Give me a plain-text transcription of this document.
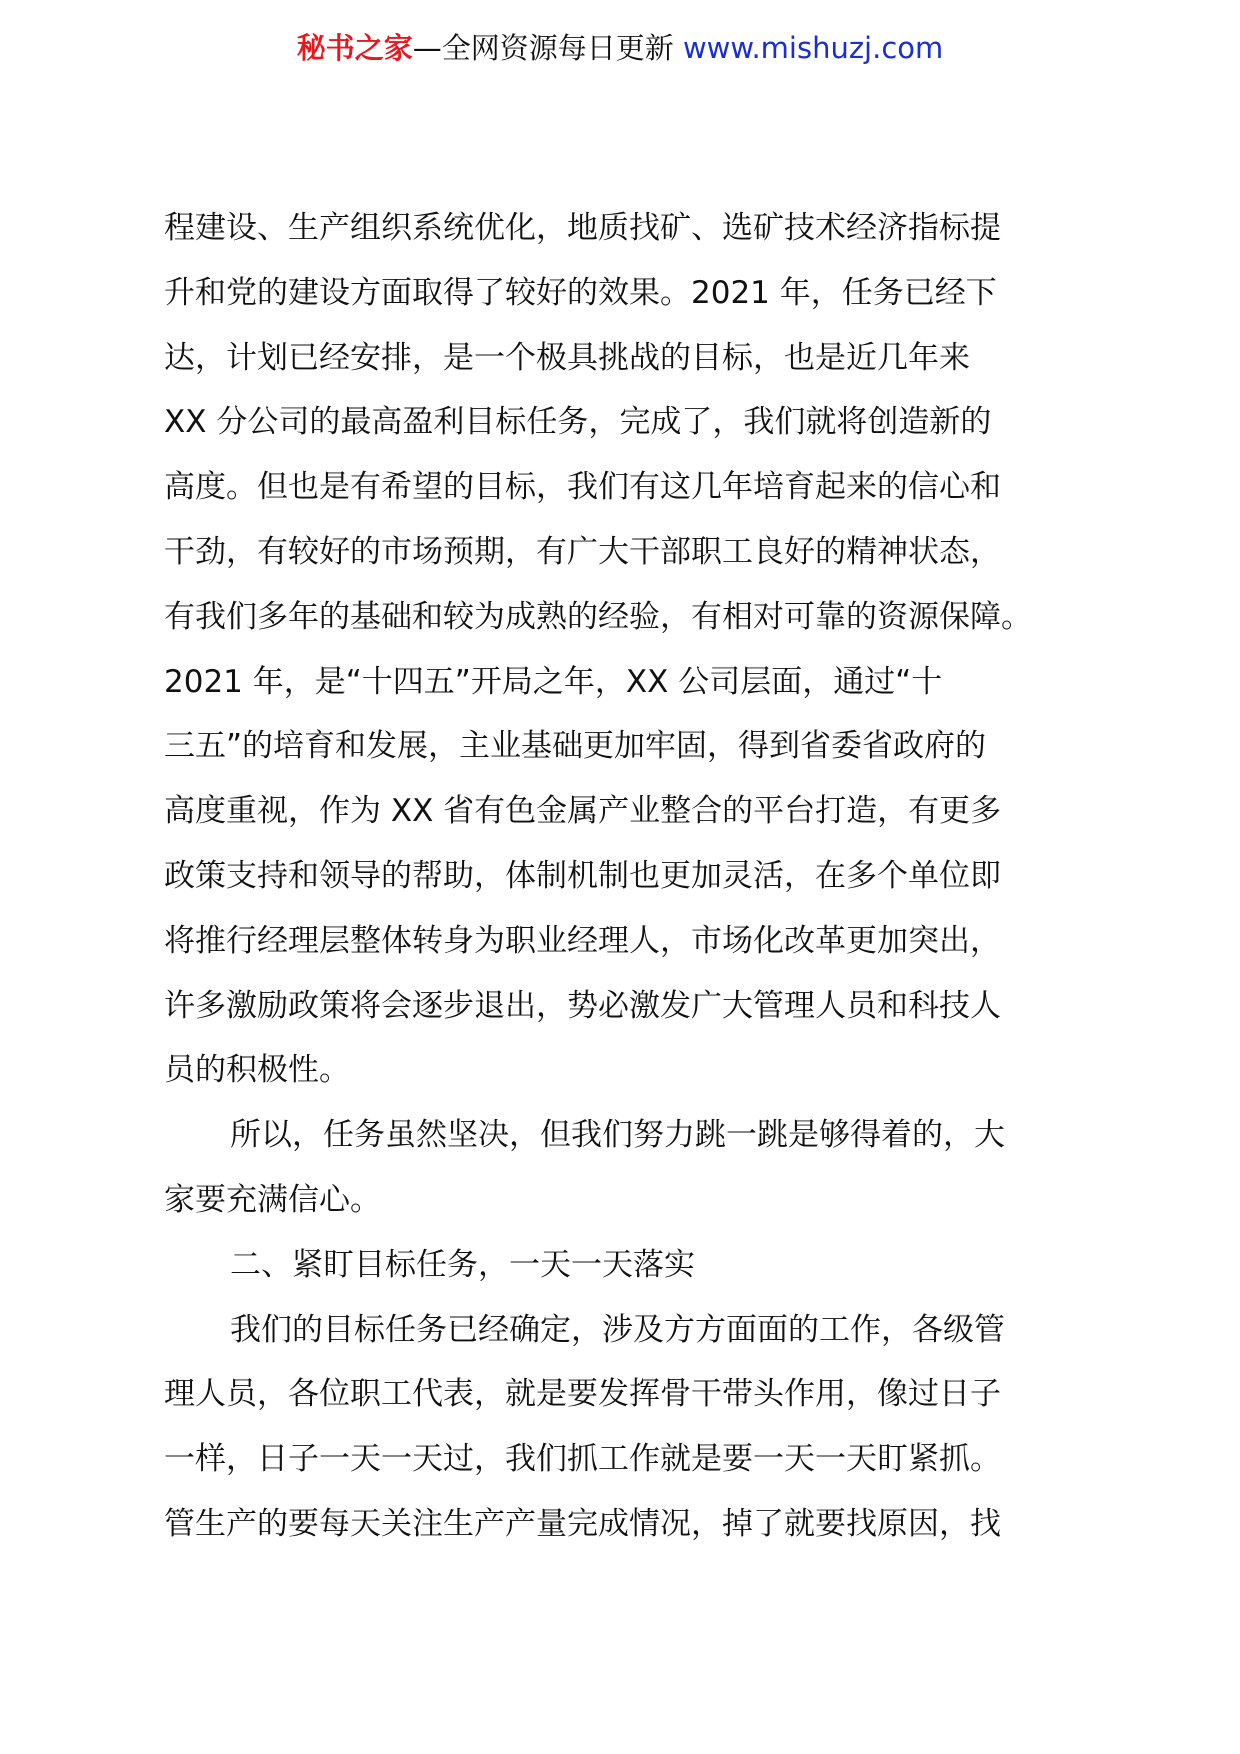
秘书之家—全网资源每日更新 www.mishuzj.com
程建设、生产组织系统优化，地质找矿、选矿技术经济指标提
升和党的建设方面取得了较好的效果。2021 年，任务已经下
达，计划已经安排，是一个极具挑战的目标，也是近几年来
XX 分公司的最高盈利目标任务，完成了，我们就将创造新的
高度。但也是有希望的目标，我们有这几年培育起来的信心和
干劲，有较好的市场预期，有广大干部职工良好的精神状态，
有我们多年的基础和较为成熟的经验，有相对可靠的资源保障。
2021 年，是“十四五”开局之年，XX 公司层面，通过“十
三五”的培育和发展，主业基础更加牢固，得到省委省政府的
高度重视，作为 XX 省有色金属产业整合的平台打造，有更多
政策支持和领导的帮助，体制机制也更加灵活，在多个单位即
将推行经理层整体转身为职业经理人，市场化改革更加突出，
许多激励政策将会逐步退出，势必激发广大管理人员和科技人
员的积极性。
所以，任务虽然坚决，但我们努力跳一跳是够得着的，大
家要充满信心。
二、紧盯目标任务，一天一天落实
我们的目标任务已经确定，涉及方方面面的工作，各级管
理人员，各位职工代表，就是要发挥骨干带头作用，像过日子
一样，日子一天一天过，我们抓工作就是要一天一天盯紧抓。
管生产的要每天关注生产产量完成情况，掉了就要找原因，找
